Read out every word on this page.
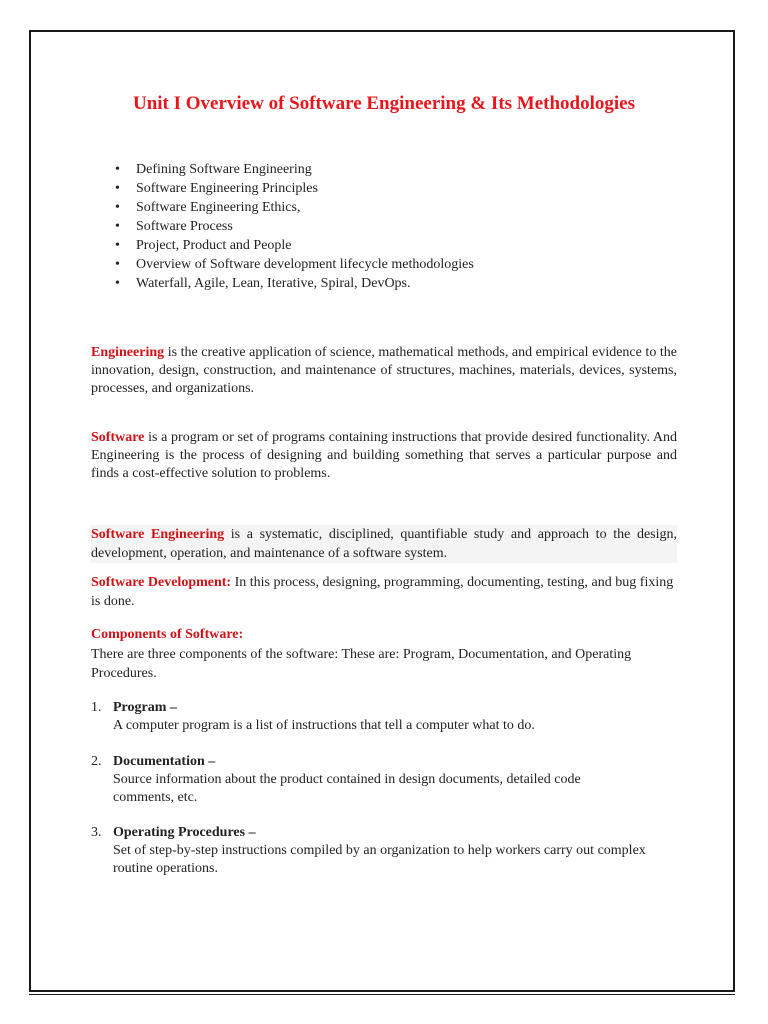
Unit I Overview of Software Engineering & Its Methodologies
• Defining Software Engineering
• Software Engineering Principles
• Software Engineering Ethics,
• Software Process
• Project, Product and People
• Overview of Software development lifecycle methodologies
• Waterfall, Agile, Lean, Iterative, Spiral, DevOps.

Engineering is the creative application of science, mathematical methods, and empirical evidence to the innovation, design, construction, and maintenance of structures, machines, materials, devices, systems, processes, and organizations.

Software is a program or set of programs containing instructions that provide desired functionality. And Engineering is the process of designing and building something that serves a particular purpose and finds a cost-effective solution to problems.

Software Engineering is a systematic, disciplined, quantifiable study and approach to the design, development, operation, and maintenance of a software system.

Software Development: In this process, designing, programming, documenting, testing, and bug fixing is done.

Components of Software:

There are three components of the software: These are: Program, Documentation, and Operating Procedures.

1. Program –
A computer program is a list of instructions that tell a computer what to do.
2. Documentation –
Source information about the product contained in design documents, detailed code comments, etc.
3. Operating Procedures –
Set of step-by-step instructions compiled by an organization to help workers carry out complex routine operations.
